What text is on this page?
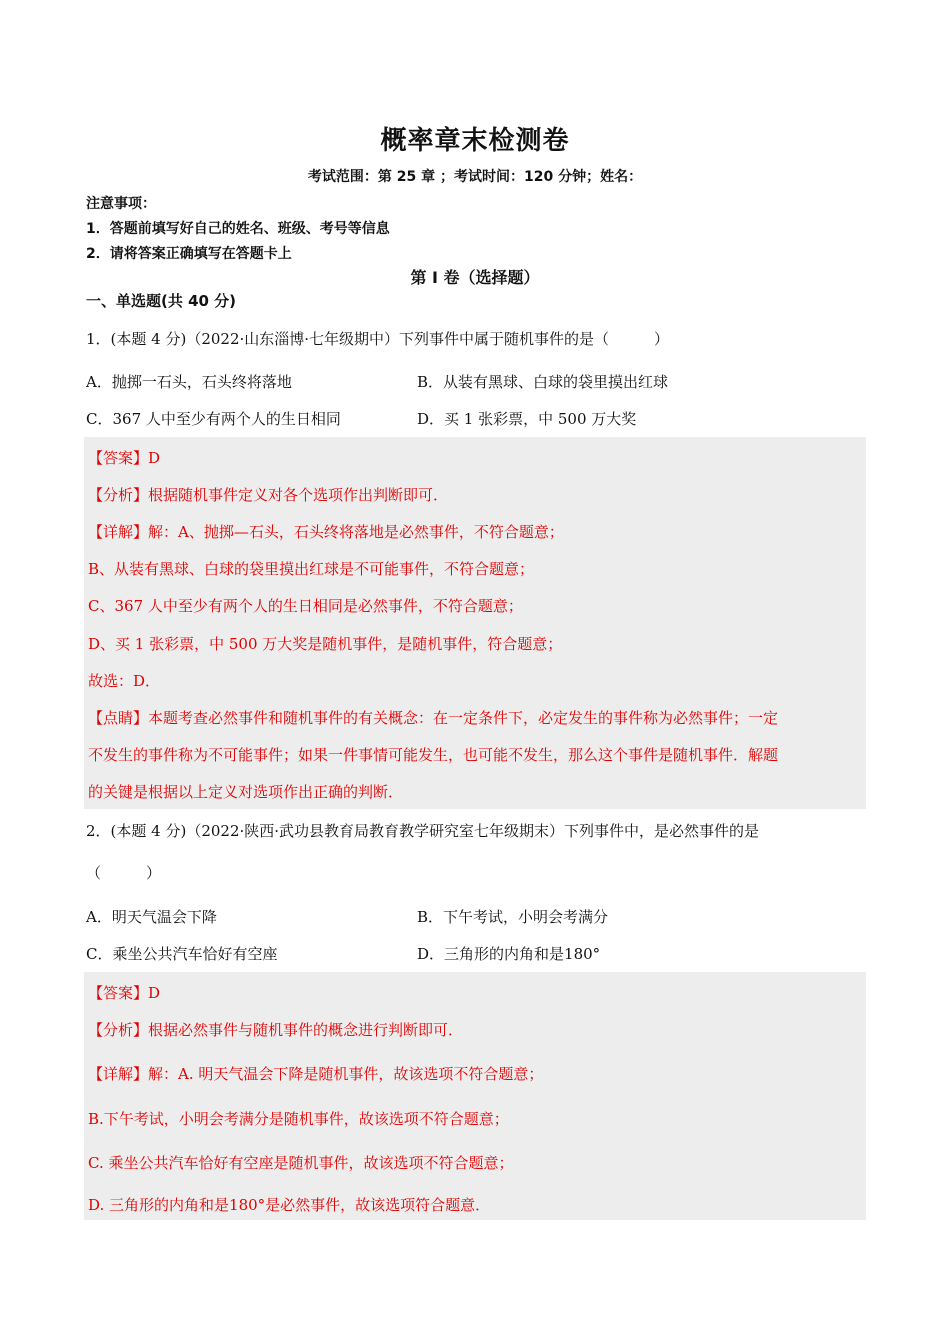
概率章末检测卷
考试范围：第 25 章 ；考试时间：120 分钟；姓名：
注意事项：
1．答题前填写好自己的姓名、班级、考号等信息
2．请将答案正确填写在答题卡上
第 I 卷（选择题）
一、单选题(共 40 分)
1．(本题 4 分)（2022·山东淄博·七年级期中）下列事件中属于随机事件的是（　　　）
A．抛掷一石头，石头终将落地	B．从装有黑球、白球的袋里摸出红球
C．367 人中至少有两个人的生日相同	D．买 1 张彩票，中 500 万大奖
【答案】D
【分析】根据随机事件定义对各个选项作出判断即可．
【详解】解：A、抛掷—石头，石头终将落地是必然事件，不符合题意；
B、从装有黑球、白球的袋里摸出红球是不可能事件，不符合题意；
C、367 人中至少有两个人的生日相同是必然事件，不符合题意；
D、买 1 张彩票，中 500 万大奖是随机事件，是随机事件，符合题意；
故选：D．
【点睛】本题考查必然事件和随机事件的有关概念：在一定条件下，必定发生的事件称为必然事件；一定
不发生的事件称为不可能事件；如果一件事情可能发生，也可能不发生，那么这个事件是随机事件．解题
的关键是根据以上定义对选项作出正确的判断．
2．(本题 4 分)（2022·陕西·武功县教育局教育教学研究室七年级期末）下列事件中，是必然事件的是
（　　　）
A．明天气温会下降	B．下午考试，小明会考满分
C．乘坐公共汽车恰好有空座	D．三角形的内角和是180°
【答案】D
【分析】根据必然事件与随机事件的概念进行判断即可．
【详解】解：A. 明天气温会下降是随机事件，故该选项不符合题意；
B.下午考试，小明会考满分是随机事件，故该选项不符合题意；
C. 乘坐公共汽车恰好有空座是随机事件，故该选项不符合题意；
D. 三角形的内角和是180°是必然事件，故该选项符合题意．
